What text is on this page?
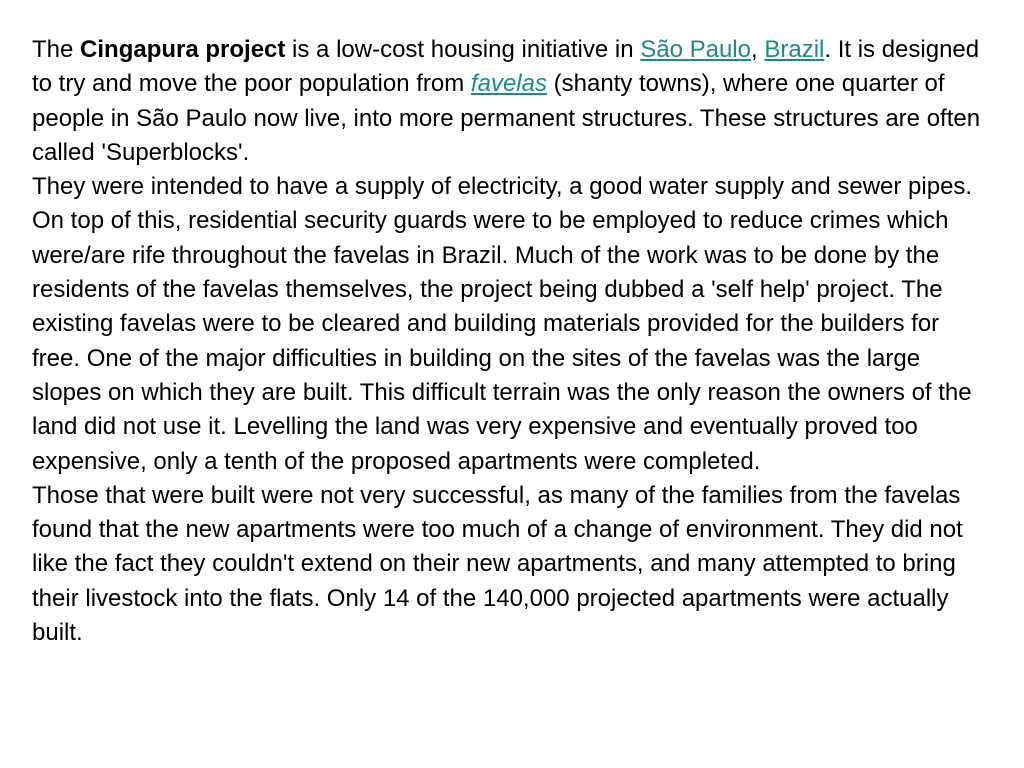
The Cingapura project is a low-cost housing initiative in São Paulo, Brazil. It is designed to try and move the poor population from favelas (shanty towns), where one quarter of people in São Paulo now live, into more permanent structures. These structures are often called 'Superblocks'.

They were intended to have a supply of electricity, a good water supply and sewer pipes. On top of this, residential security guards were to be employed to reduce crimes which were/are rife throughout the favelas in Brazil. Much of the work was to be done by the residents of the favelas themselves, the project being dubbed a 'self help' project. The existing favelas were to be cleared and building materials provided for the builders for free. One of the major difficulties in building on the sites of the favelas was the large slopes on which they are built. This difficult terrain was the only reason the owners of the land did not use it. Levelling the land was very expensive and eventually proved too expensive, only a tenth of the proposed apartments were completed.

Those that were built were not very successful, as many of the families from the favelas found that the new apartments were too much of a change of environment. They did not like the fact they couldn't extend on their new apartments, and many attempted to bring their livestock into the flats. Only 14 of the 140,000 projected apartments were actually built.
